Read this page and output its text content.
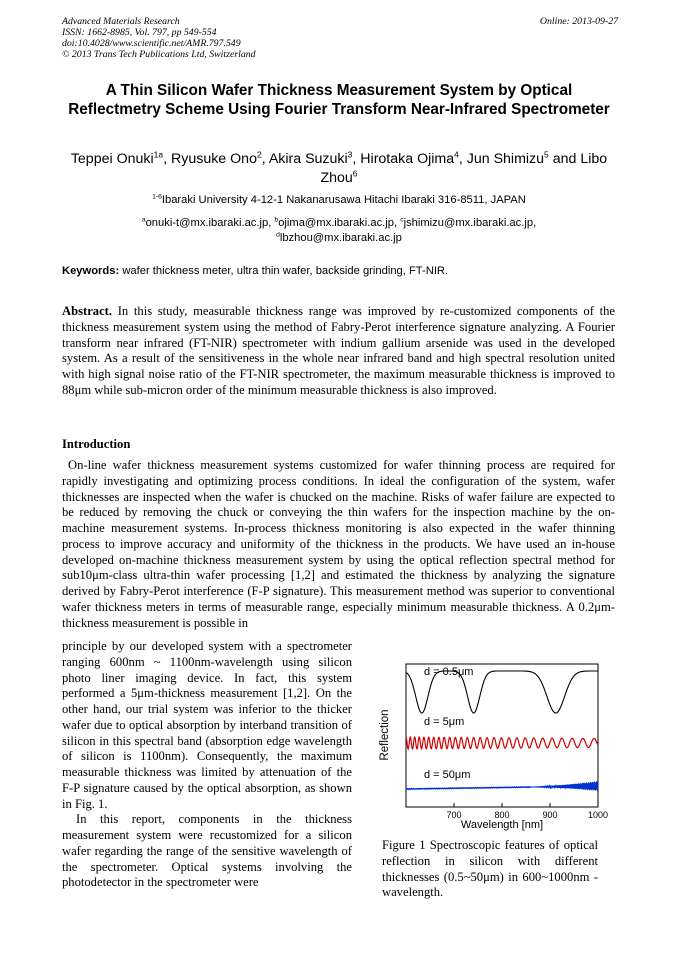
Advanced Materials Research
ISSN: 1662-8985, Vol. 797, pp 549-554
doi:10.4028/www.scientific.net/AMR.797.549
© 2013 Trans Tech Publications Ltd, Switzerland
Online: 2013-09-27
A Thin Silicon Wafer Thickness Measurement System by Optical Reflectmetry Scheme Using Fourier Transform Near-Infrared Spectrometer
Teppei Onuki$^{1a}$, Ryusuke Ono$^2$, Akira Suzuki$^3$, Hirotaka Ojima$^4$, Jun Shimizu$^5$ and Libo Zhou$^6$
$^{1-6}$Ibaraki University 4-12-1 Nakanarusawa Hitachi Ibaraki 316-8511, JAPAN
$^a$onuki-t@mx.ibaraki.ac.jp, $^b$ojima@mx.ibaraki.ac.jp, $^c$jshimizu@mx.ibaraki.ac.jp,
$^d$lbzhou@mx.ibaraki.ac.jp
Keywords: wafer thickness meter, ultra thin wafer, backside grinding, FT-NIR.
Abstract. In this study, measurable thickness range was improved by re-customized components of the thickness measurement system using the method of Fabry-Perot interference signature analyzing. A Fourier transform near infrared (FT-NIR) spectrometer with indium gallium arsenide was used in the developed system. As a result of the sensitiveness in the whole near infrared band and high spectral resolution united with high signal noise ratio of the FT-NIR spectrometer, the maximum measurable thickness is improved to 88μm while sub-micron order of the minimum measurable thickness is also improved.
Introduction

On-line wafer thickness measurement systems customized for wafer thinning process are required for rapidly investigating and optimizing process conditions. In ideal the configuration of the system, wafer thicknesses are inspected when the wafer is chucked on the machine. Risks of wafer failure are expected to be reduced by removing the chuck or conveying the thin wafers for the inspection machine by the on-machine measurement systems. In-process thickness monitoring is also expected in the wafer thinning process to improve accuracy and uniformity of the thickness in the products. We have used an in-house developed on-machine thickness measurement system by using the optical reflection spectral method for sub10μm-class ultra-thin wafer processing [1,2] and estimated the thickness by analyzing the signature derived by Fabry-Perot interference (F-P signature). This measurement method was superior to conventional wafer thickness meters in terms of measurable range, especially minimum measurable thickness. A 0.2μm-thickness measurement is possible in

principle by our developed system with a spectrometer ranging 600nm ~ 1100nm-wavelength using silicon photo liner imaging device. In fact, this system performed a 5μm-thickness measurement [1,2]. On the other hand, our trial system was inferior to the thicker wafer due to optical absorption by interband transition of silicon in this spectral band (absorption edge wavelength of silicon is 1100nm). Consequently, the maximum measurable thickness was limited by attenuation of the F-P signature caused by the optical absorption, as shown in Fig. 1.

In this report, components in the thickness measurement system were recustomized for a silicon wafer regarding the range of the sensitive wavelength of the spectrometer. Optical systems involving the photodetector in the spectrometer were

700	800	900	1000
d = 0.5μm
d = 5μm
d = 50μm
Reflection
Wavelength [nm]
Figure 1 Spectroscopic features of optical reflection in silicon with different thicknesses (0.5~50μm) in 600~1000nm -wavelength.
